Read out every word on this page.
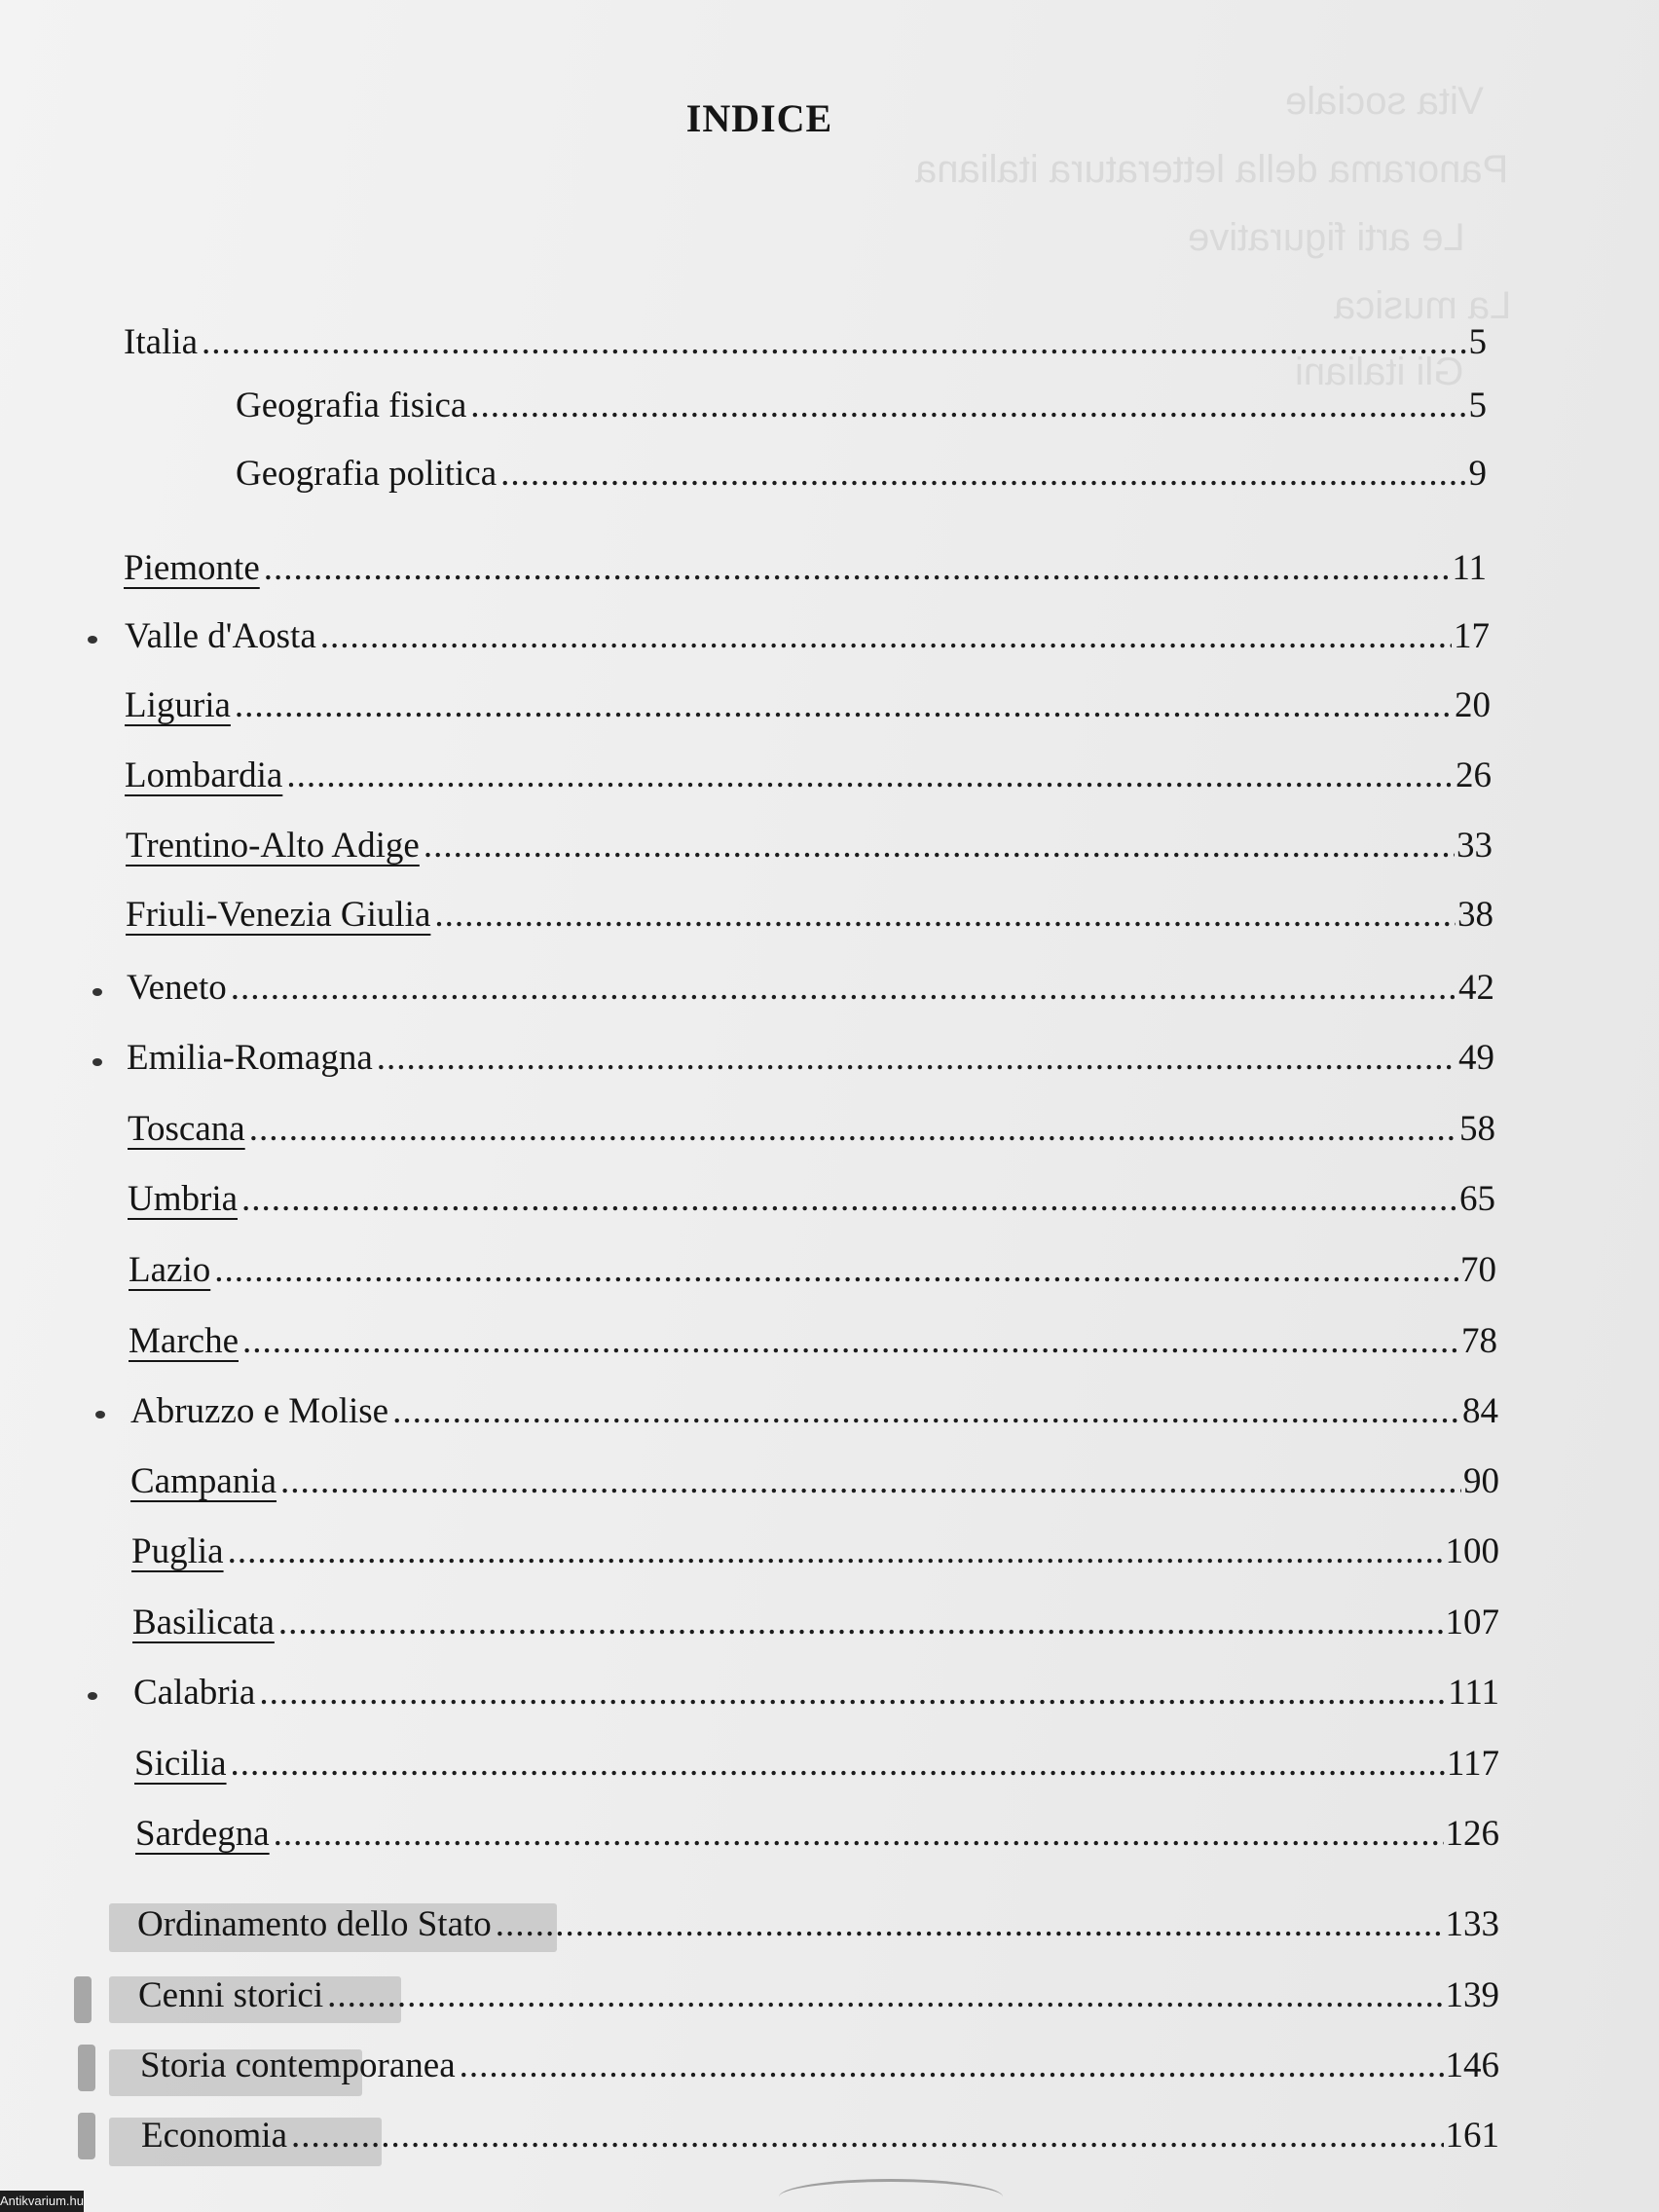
Vita sociale
Panorama della letteratura italiana
Le arti figurative
La musica
Gli italiani
INDICE
Italia .....	5
Geografia fisica .....	5
Geografia politica .....	9
Piemonte .....	11
Valle d'Aosta .....	17
Liguria .....	20
Lombardia .....	26
Trentino-Alto Adige .....	33
Friuli-Venezia Giulia .....	38
Veneto .....	42
Emilia-Romagna .....	49
Toscana .....	58
Umbria .....	65
Lazio .....	70
Marche .....	78
Abruzzo e Molise .....	84
Campania .....	90
Puglia .....	100
Basilicata .....	107
Calabria .....	111
Sicilia .....	117
Sardegna .....	126
Ordinamento dello Stato .....	133
Cenni storici .....	139
Storia contemporanea .....	146
Economia .....	161
Antikvarium.hu
